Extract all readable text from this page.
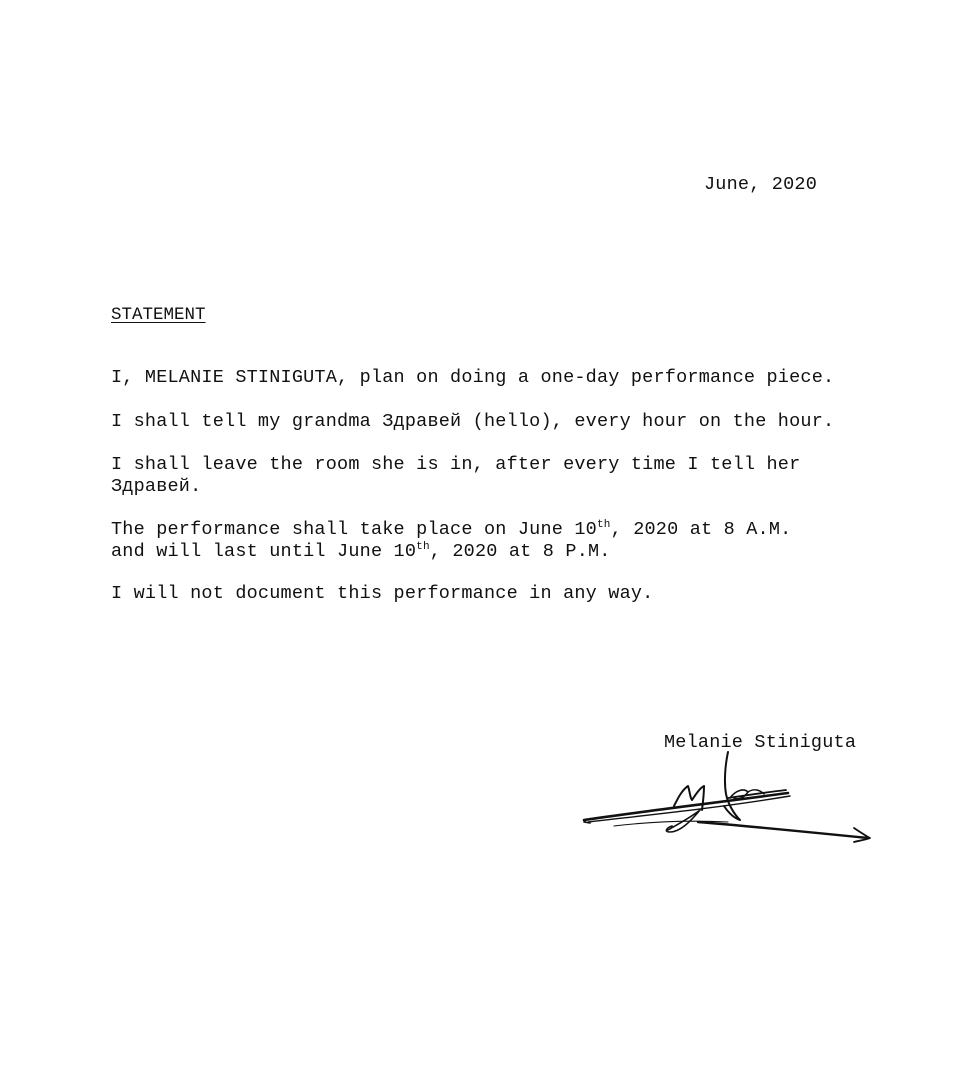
June, 2020
STATEMENT
I, MELANIE STINIGUTA, plan on doing a one-day performance piece.
I shall tell my grandma Здравей (hello), every hour on the hour.
I shall leave the room she is in, after every time I tell her
Здравей.
The performance shall take place on June 10th, 2020 at 8 A.M.
and will last until June 10th, 2020 at 8 P.M.
I will not document this performance in any way.
Melanie Stiniguta
